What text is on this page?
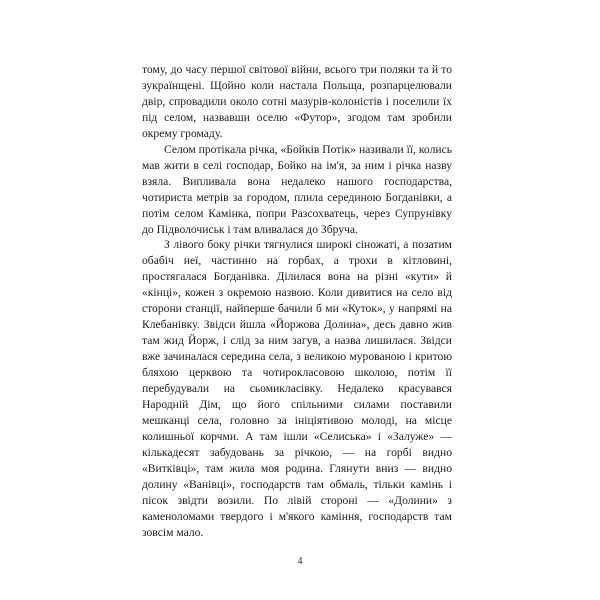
тому, до часу першої світової війни, всього три поляки та й то зукраїнщені. Щойно коли настала Польща, розпарцелювали двір, спровадили около сотні мазурів-колоністів і поселили їх під селом, назвавши оселю «Футор», згодом там зробили окрему громаду.

Селом протікала річка, «Бойків Потік» називали її, колись мав жити в селі господар, Бойко на ім'я, за ним і річка назву взяла. Випливала вона недалеко нашого господарства, чотириста метрів за городом, плила серединою Богданівки, а потім селом Камінка, попри Разсохватець, через Супрунівку до Підволочиськ і там вливалася до Збруча.

З лівого боку річки тягнулися широкі сіножаті, а позатим обабіч неї, частинно на горбах, а трохи в кітловині, простягалася Богданівка. Ділилася вона на різні «кути» й «кінці», кожен з окремою назвою. Коли дивитися на село від сторони станції, найперше бачили б ми «Куток», у напрямі на Клебанівку. Звідси йшла «Йоржова Долина», десь давно жив там жид Йорж, і слід за ним загув, а назва лишилася. Звідси вже зачиналася середина села, з великою мурованою і критою бляхою церквою та чотирокласовою школою, потім її перебудували на сьомикласівку. Недалеко красувався Народній Дім, що його спільними силами поставили мешканці села, головно за ініціятивою молоді, на місце колишньої корчми. А там ішли «Селиська» і «Залуже» — кількадесят забудовань за річкою, — на горбі видно «Витківці», там жила моя родина. Глянути вниз — видно долину «Ванівці», господарств там обмаль, тільки камінь і пісок звідти возили. По лівій стороні — «Долини» з каменоломами твердого і м'якого каміння, господарств там зовсім мало.

4
